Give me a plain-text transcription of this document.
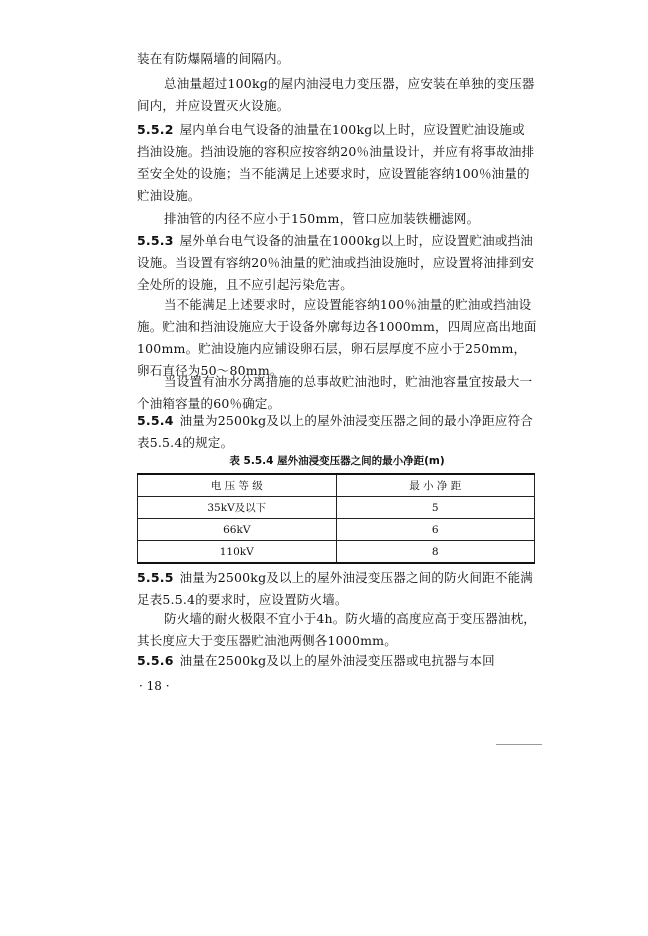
装在有防爆隔墙的间隔内。

总油量超过100kg的屋内油浸电力变压器，应安装在单独的变压器间内，并应设置灭火设施。

5.5.2 屋内单台电气设备的油量在100kg以上时，应设置贮油设施或挡油设施。挡油设施的容积应按容纳20％油量设计，并应有将事故油排至安全处的设施；当不能满足上述要求时，应设置能容纳100％油量的贮油设施。

排油管的内径不应小于150mm，管口应加装铁栅滤网。

5.5.3 屋外单台电气设备的油量在1000kg以上时，应设置贮油或挡油设施。当设置有容纳20％油量的贮油或挡油设施时，应设置将油排到安全处所的设施，且不应引起污染危害。

当不能满足上述要求时，应设置能容纳100％油量的贮油或挡油设施。贮油和挡油设施应大于设备外廓每边各1000mm，四周应高出地面100mm。贮油设施内应铺设卵石层，卵石层厚度不应小于250mm，卵石直径为50～80mm。

当设置有油水分离措施的总事故贮油池时，贮油池容量宜按最大一个油箱容量的60％确定。

5.5.4 油量为2500kg及以上的屋外油浸变压器之间的最小净距应符合表5.5.4的规定。

表 5.5.4 屋外油浸变压器之间的最小净距(m)
电 压 等 级	最 小 净 距
35kV及以下	5
66kV	6
110kV	8

5.5.5 油量为2500kg及以上的屋外油浸变压器之间的防火间距不能满足表5.5.4的要求时，应设置防火墙。

防火墙的耐火极限不宜小于4h。防火墙的高度应高于变压器油枕，其长度应大于变压器贮油池两侧各1000mm。

5.5.6 油量在2500kg及以上的屋外油浸变压器或电抗器与本回

· 18 ·
